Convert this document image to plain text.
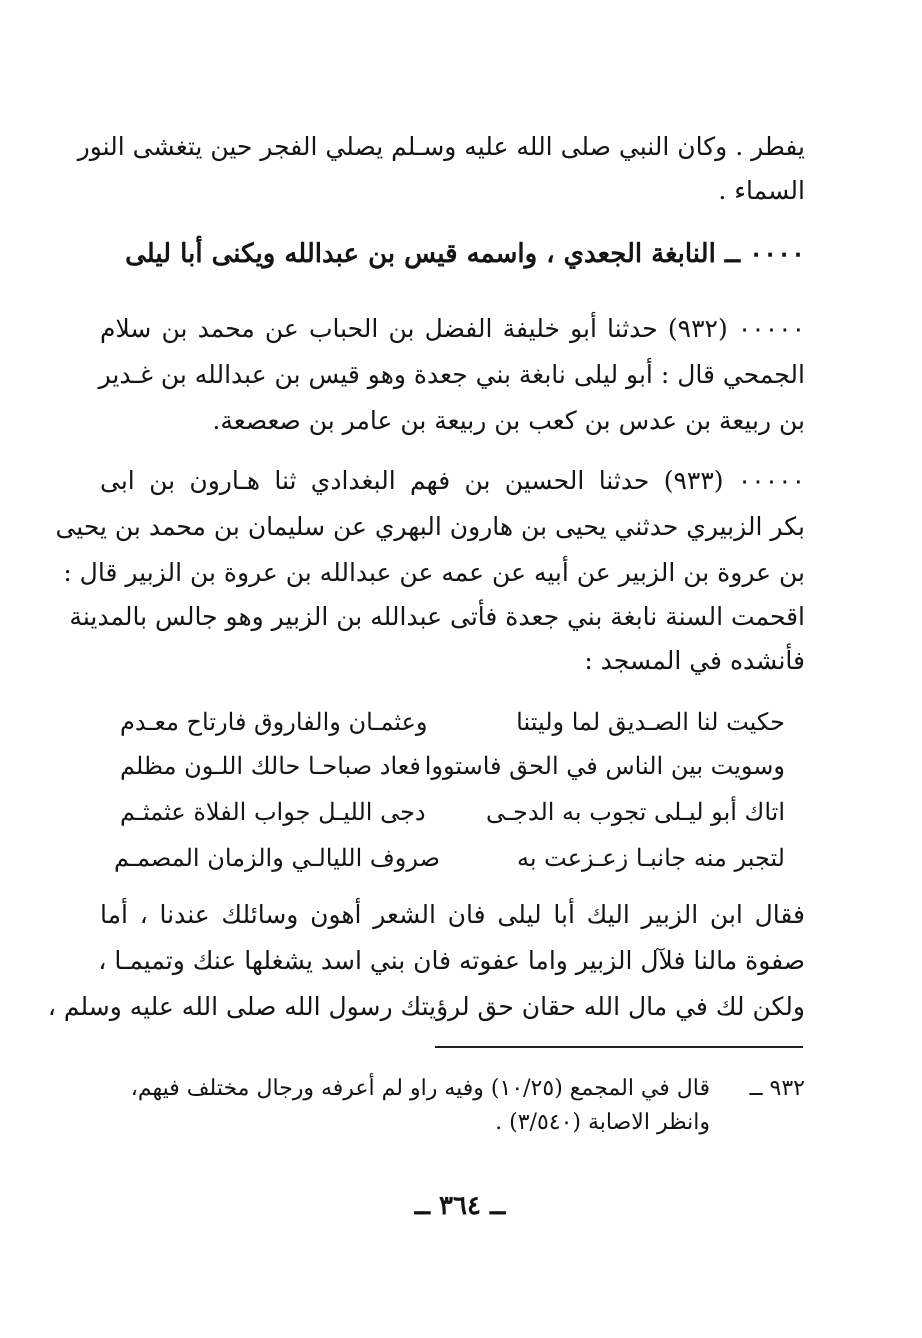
يفطر . وكان النبي صلى الله عليه وسـلم يصلي الفجر حين يتغشى النور
السماء .
٠٠٠٠ ــ النابغة الجعدي ، واسمه قيس بن عبدالله ويكنى أبا ليلى
٠٠٠٠٠ (٩٣٢) حدثنا أبو خليفة الفضل بن الحباب عن محمد بن سلام
الجمحي قال : أبو ليلى نابغة بني جعدة وهو قيس بن عبدالله بن غـدير
بن ربيعة بن عدس بن كعب بن ربيعة بن عامر بن صعصعة.
٠٠٠٠٠ (٩٣٣) حدثنا الحسين بن فهم البغدادي ثنا هـارون بن ابى
بكر الزبيري حدثني يحيى بن هارون البهري عن سليمان بن محمد بن يحيى
بن عروة بن الزبير عن أبيه عن عمه عن عبدالله بن عروة بن الزبير قال :
اقحمت السنة نابغة بني جعدة فأتى عبدالله بن الزبير وهو جالس بالمدينة
فأنشده في المسجد :
حكيت لنا الصـديق لما وليتنا
وعثمـان والفاروق فارتاح معـدم
وسويت بين الناس في الحق فاستووا
فعاد صباحـا حالك اللـون مظلم
اتاك أبو ليـلى تجوب به الدجـى
دجى الليـل جواب الفلاة عثمثـم
لتجبر منه جانبـا زعـزعت به
صروف الليالـي والزمان المصمـم
فقال ابن الزبير اليك أبا ليلى فان الشعر أهون وسائلك عندنا ، أما
صفوة مالنا فلآل الزبير واما عفوته فان بني اسد يشغلها عنك وتميمـا ،
ولكن لك في مال الله حقان حق لرؤيتك رسول الله صلى الله عليه وسلم ،
٩٣٢ ــقال في المجمع (١٠/٢٥) وفيه راو لم أعرفه ورجال مختلف فيهم،
وانظر الاصابة (٣/٥٤٠) .
ــ ٣٦٤ ــ
